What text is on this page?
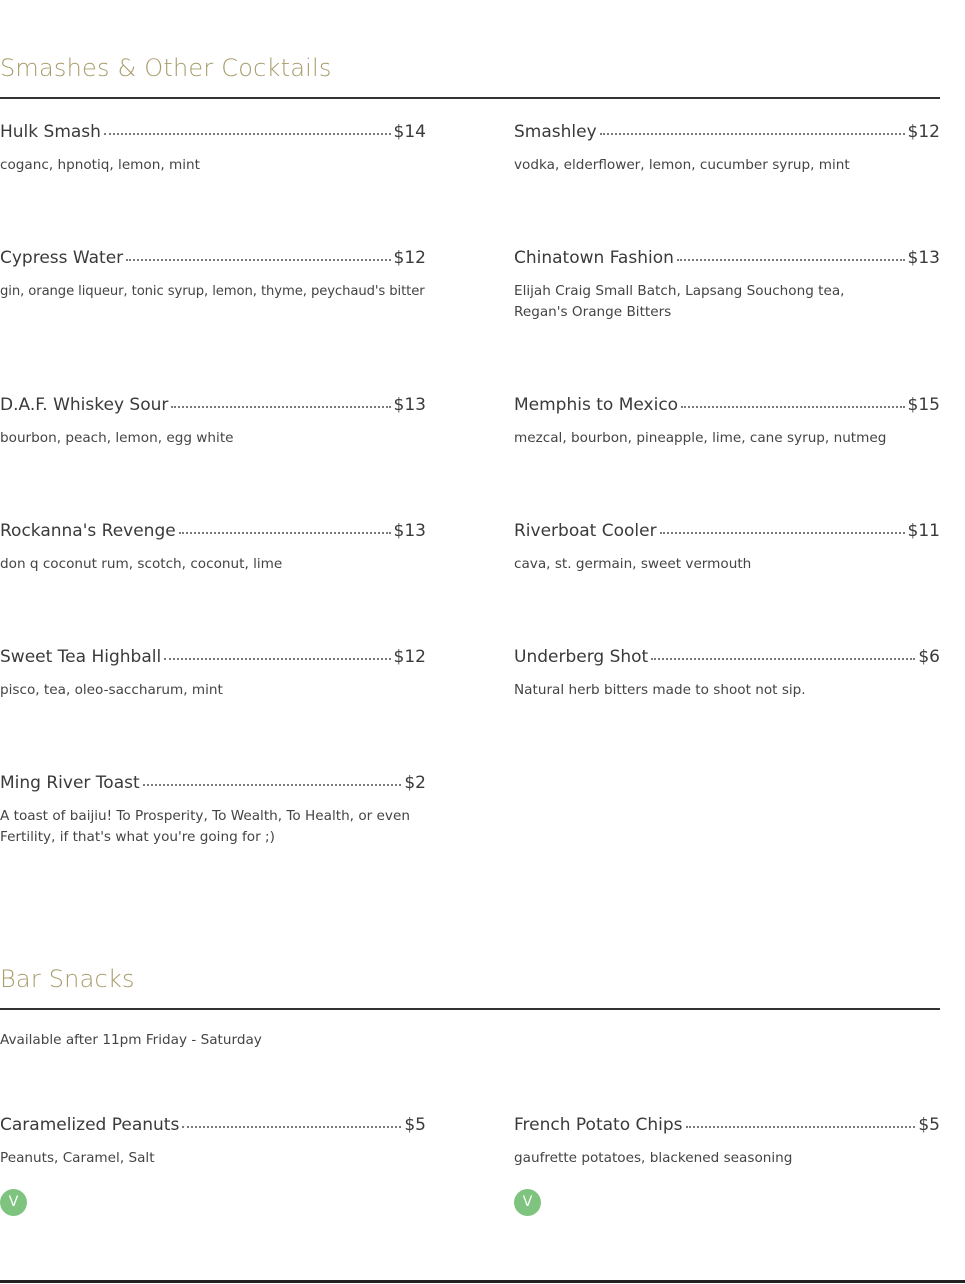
Smashes & Other Cocktails
Hulk Smash	$14
coganc, hpnotiq, lemon, mint
Smashley	$12
vodka, elderflower, lemon, cucumber syrup, mint
Cypress Water	$12
gin, orange liqueur, tonic syrup, lemon, thyme, peychaud's bitter
Chinatown Fashion	$13
Elijah Craig Small Batch, Lapsang Souchong tea, Regan's Orange Bitters
D.A.F. Whiskey Sour	$13
bourbon, peach, lemon, egg white
Memphis to Mexico	$15
mezcal, bourbon, pineapple, lime, cane syrup, nutmeg
Rockanna's Revenge	$13
don q coconut rum, scotch, coconut, lime
Riverboat Cooler	$11
cava, st. germain, sweet vermouth
Sweet Tea Highball	$12
pisco, tea, oleo-saccharum, mint
Underberg Shot	$6
Natural herb bitters made to shoot not sip.
Ming River Toast	$2
A toast of baijiu! To Prosperity, To Wealth, To Health, or even Fertility, if that's what you're going for ;)
Bar Snacks
Available after 11pm Friday - Saturday
Caramelized Peanuts	$5
Peanuts, Caramel, Salt
V
French Potato Chips	$5
gaufrette potatoes, blackened seasoning
V
